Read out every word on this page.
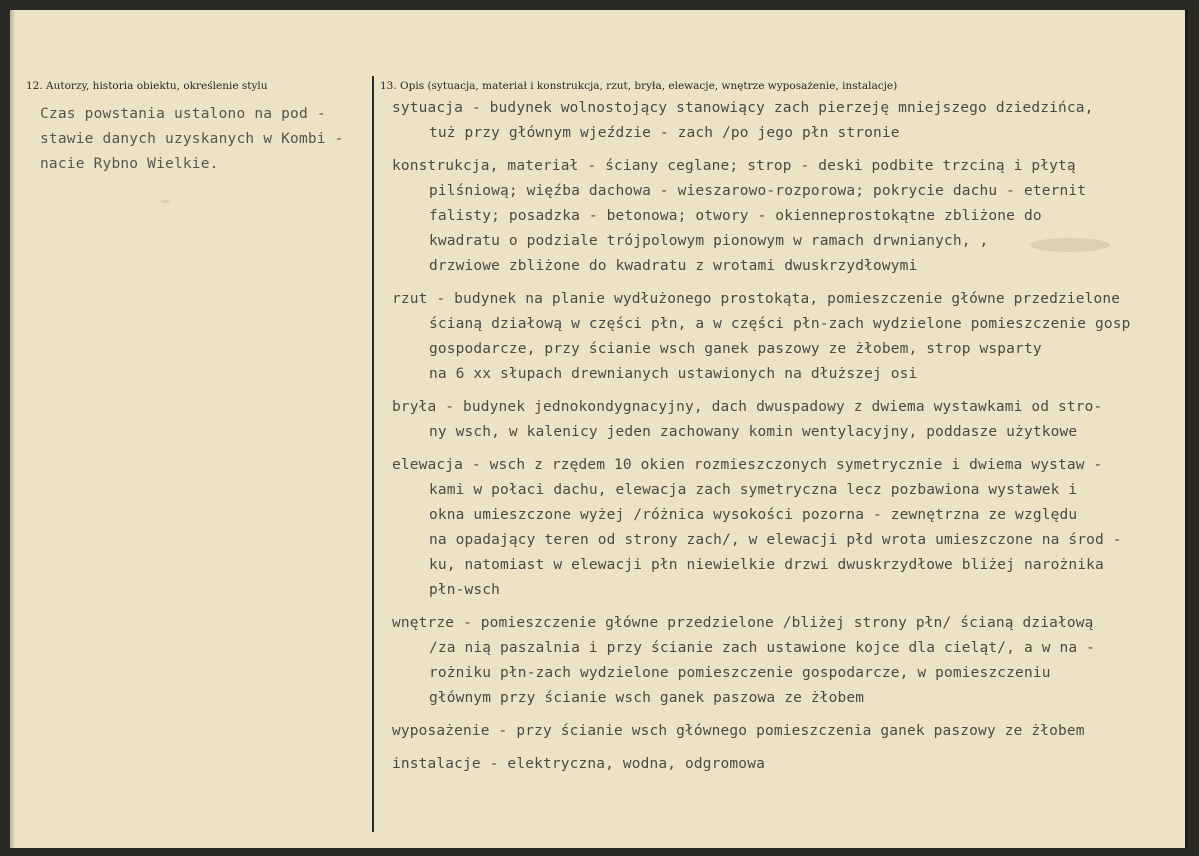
12. Autorzy, historia obiektu, określenie stylu	13. Opis (sytuacja, materiał i konstrukcja, rzut, bryła, elewacje, wnętrze wyposażenie, instalacje)
Czas powstania ustalono na pod -
stawie danych uzyskanych w Kombi -
nacie Rybno Wielkie.
sytuacja - budynek wolnostojący stanowiący zach pierzeję mniejszego dziedzińca,
tuż przy głównym wjeździe - zach /po jego płn stronie
konstrukcja, materiał - ściany ceglane; strop - deski podbite trzciną i płytą
pilśniową; więźba dachowa - wieszarowo-rozporowa; pokrycie dachu - eternit
falisty; posadzka - betonowa; otwory - okienneprostokątne zbliżone do
kwadratu o podziale trójpolowym pionowym w ramach drwnianych, ,
drzwiowe zbliżone do kwadratu z wrotami dwuskrzydłowymi
rzut - budynek na planie wydłużonego prostokąta, pomieszczenie główne przedzielone
ścianą działową w części płn, a w części płn-zach wydzielone pomieszczenie gosp
gospodarcze, przy ścianie wsch ganek paszowy ze żłobem, strop wsparty
na 6 xx słupach drewnianych ustawionych na dłuższej osi
bryła - budynek jednokondygnacyjny, dach dwuspadowy z dwiema wystawkami od stro-
ny wsch, w kalenicy jeden zachowany komin wentylacyjny, poddasze użytkowe
elewacja - wsch z rzędem 10 okien rozmieszczonych symetrycznie i dwiema wystaw -
kami w połaci dachu, elewacja zach symetryczna lecz pozbawiona wystawek i
okna umieszczone wyżej /różnica wysokości pozorna - zewnętrzna ze względu
na opadający teren od strony zach/, w elewacji płd wrota umieszczone na środ -
ku, natomiast w elewacji płn niewielkie drzwi dwuskrzydłowe bliżej narożnika
płn-wsch
wnętrze - pomieszczenie główne przedzielone /bliżej strony płn/ ścianą działową
/za nią paszalnia i przy ścianie zach ustawione kojce dla cieląt/, a w na -
rożniku płn-zach wydzielone pomieszczenie gospodarcze, w pomieszczeniu
głównym przy ścianie wsch ganek paszowa ze żłobem
wyposażenie - przy ścianie wsch głównego pomieszczenia ganek paszowy ze żłobem
instalacje - elektryczna, wodna, odgromowa
